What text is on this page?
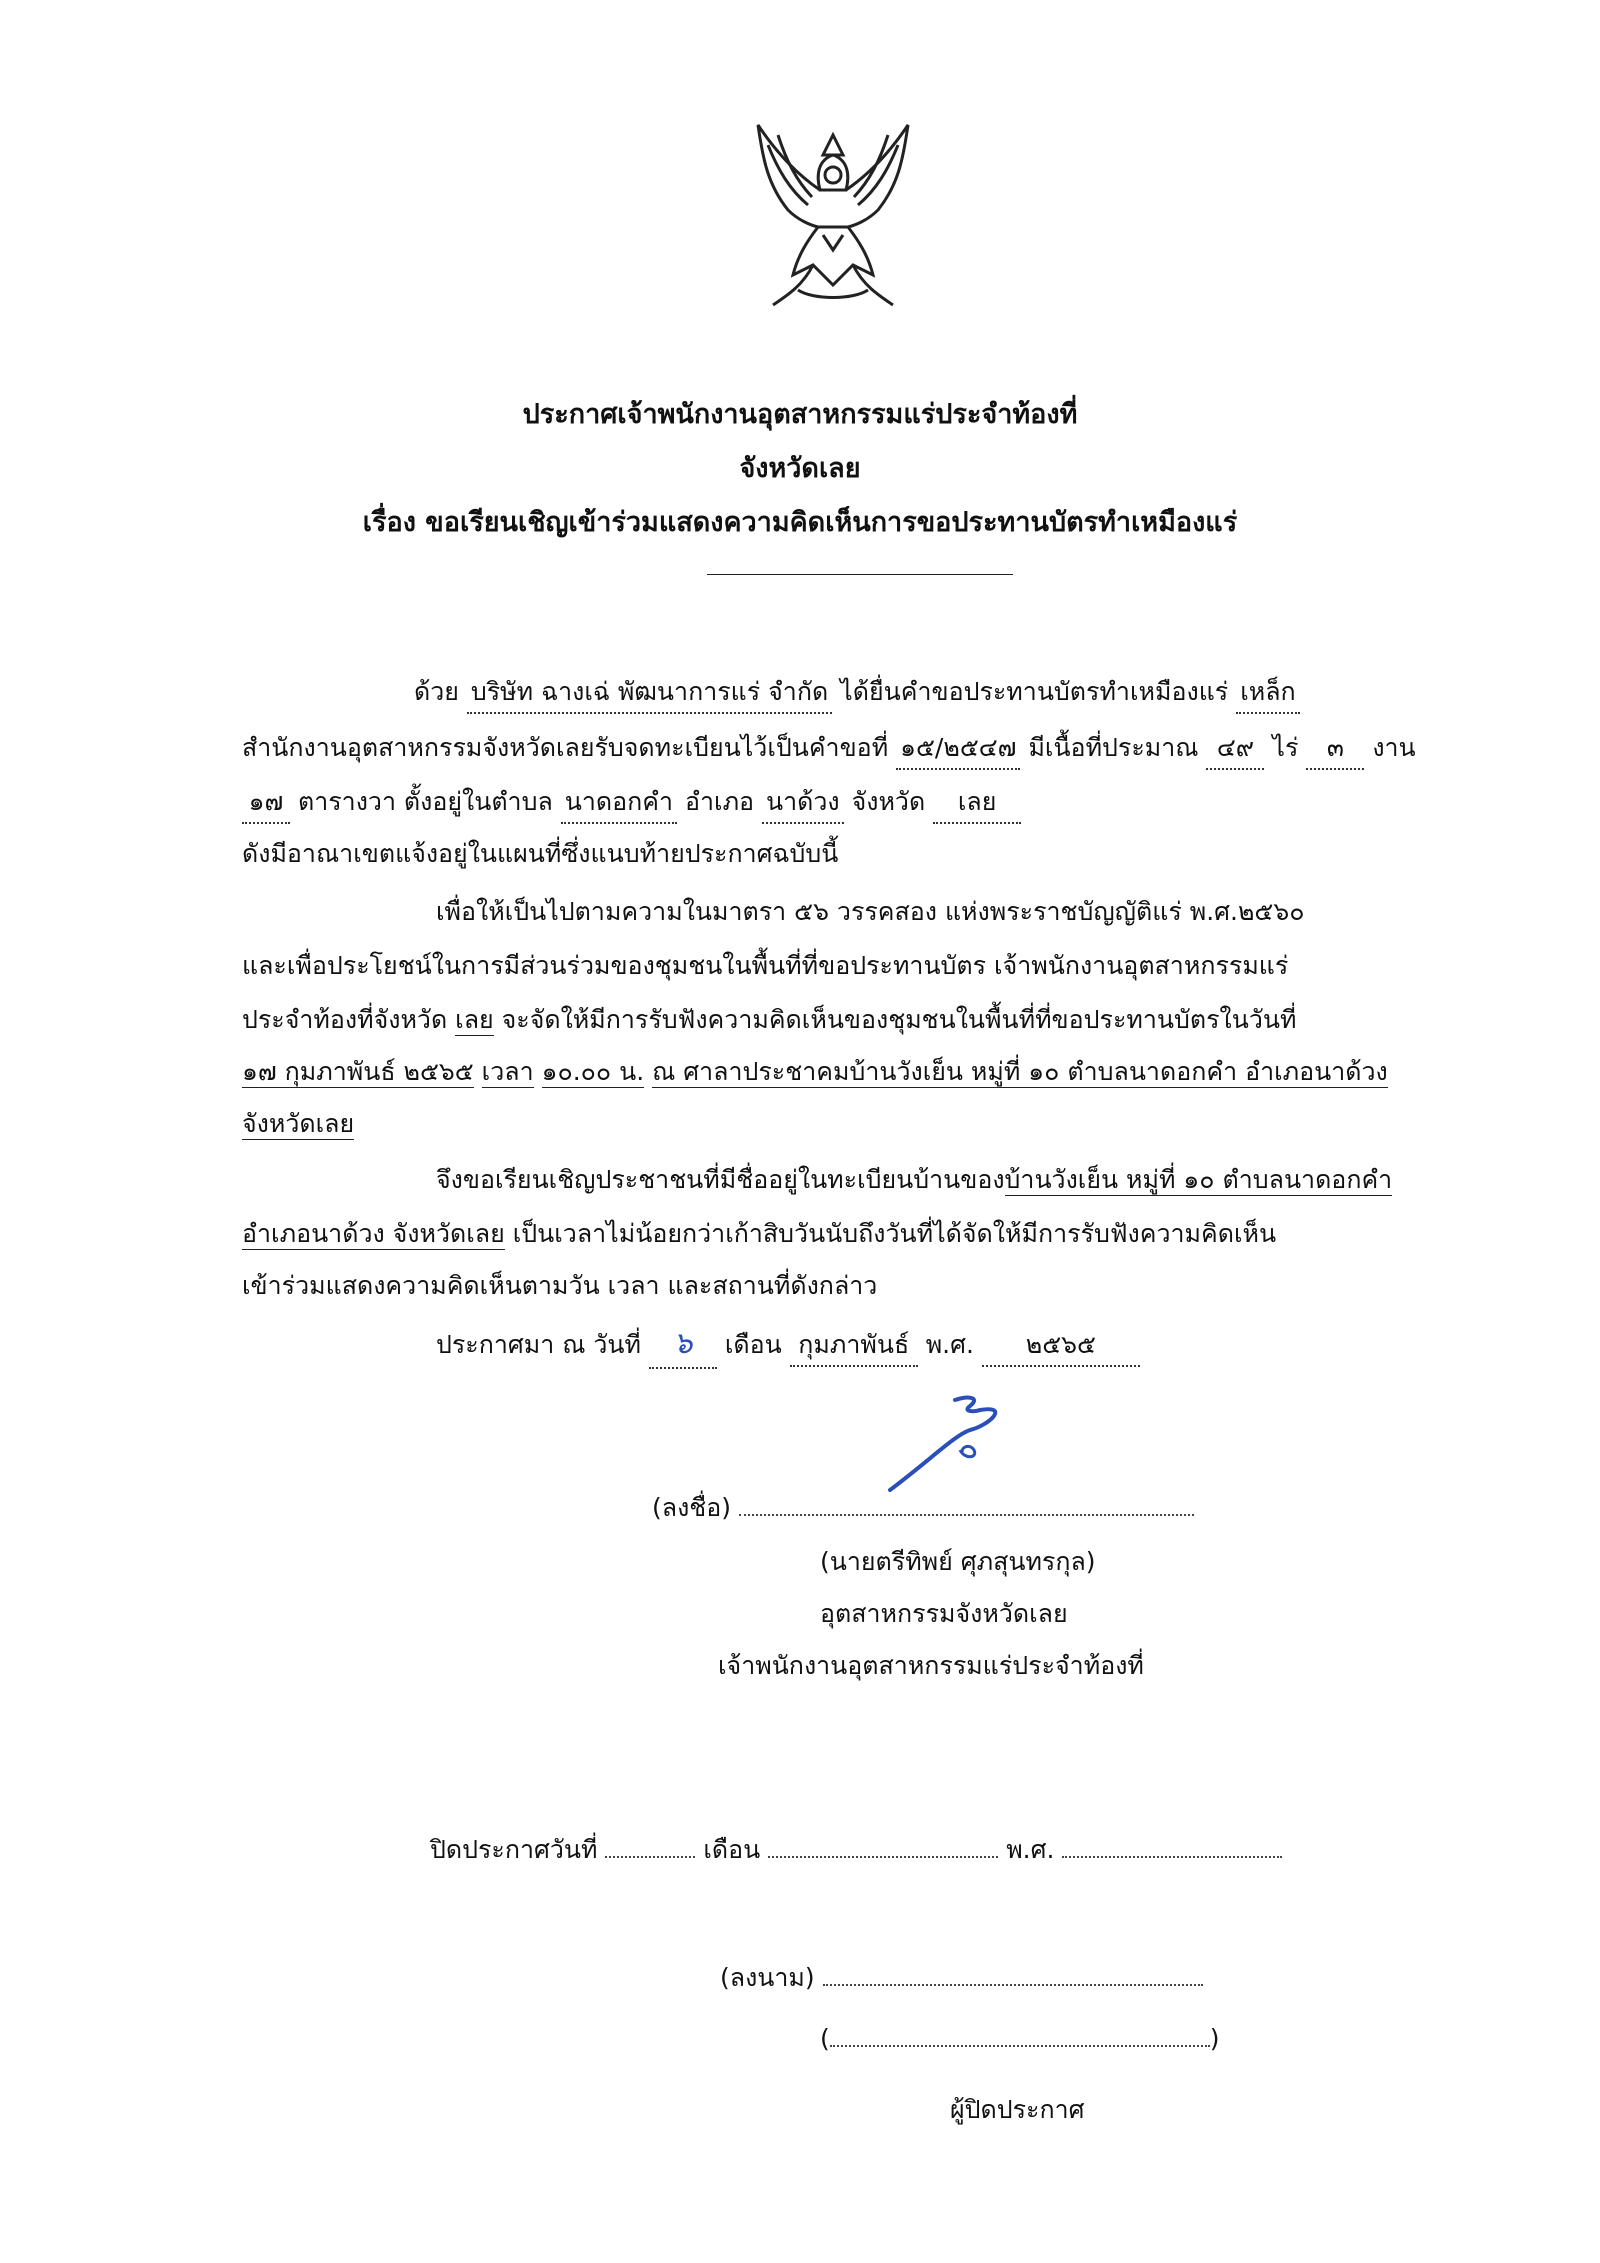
ประกาศเจ้าพนักงานอุตสาหกรรมแร่ประจำท้องที่
จังหวัดเลย
เรื่อง ขอเรียนเชิญเข้าร่วมแสดงความคิดเห็นการขอประทานบัตรทำเหมืองแร่
ด้วย บริษัท ฉางเฉ่ พัฒนาการแร่ จำกัด ได้ยื่นคำขอประทานบัตรทำเหมืองแร่ เหล็ก
สำนักงานอุตสาหกรรมจังหวัดเลยรับจดทะเบียนไว้เป็นคำขอที่ ๑๕/๒๕๔๗ มีเนื้อที่ประมาณ ๔๙ ไร่ ๓ งาน
๑๗ ตารางวา ตั้งอยู่ในตำบล นาดอกคำ อำเภอ นาด้วง จังหวัด เลย
ดังมีอาณาเขตแจ้งอยู่ในแผนที่ซึ่งแนบท้ายประกาศฉบับนี้
เพื่อให้เป็นไปตามความในมาตรา ๕๖ วรรคสอง แห่งพระราชบัญญัติแร่ พ.ศ.๒๕๖๐
และเพื่อประโยชน์ในการมีส่วนร่วมของชุมชนในพื้นที่ที่ขอประทานบัตร เจ้าพนักงานอุตสาหกรรมแร่
ประจำท้องที่จังหวัด เลย จะจัดให้มีการรับฟังความคิดเห็นของชุมชนในพื้นที่ที่ขอประทานบัตรในวันที่
๑๗ กุมภาพันธ์ ๒๕๖๕ เวลา ๑๐.๐๐ น. ณ ศาลาประชาคมบ้านวังเย็น หมู่ที่ ๑๐ ตำบลนาดอกคำ อำเภอนาด้วง
จังหวัดเลย
จึงขอเรียนเชิญประชาชนที่มีชื่ออยู่ในทะเบียนบ้านของบ้านวังเย็น หมู่ที่ ๑๐ ตำบลนาดอกคำ
อำเภอนาด้วง จังหวัดเลย เป็นเวลาไม่น้อยกว่าเก้าสิบวันนับถึงวันที่ได้จัดให้มีการรับฟังความคิดเห็น
เข้าร่วมแสดงความคิดเห็นตามวัน เวลา และสถานที่ดังกล่าว
ประกาศมา ณ วันที่ ๖ เดือน กุมภาพันธ์ พ.ศ. ๒๕๖๕
(ลงชื่อ)
(นายตรีทิพย์ ศุภสุนทรกุล)
อุตสาหกรรมจังหวัดเลย
เจ้าพนักงานอุตสาหกรรมแร่ประจำท้องที่
ปิดประกาศวันที่	เดือน	พ.ศ.
(ลงนาม)
(	)
ผู้ปิดประกาศ
